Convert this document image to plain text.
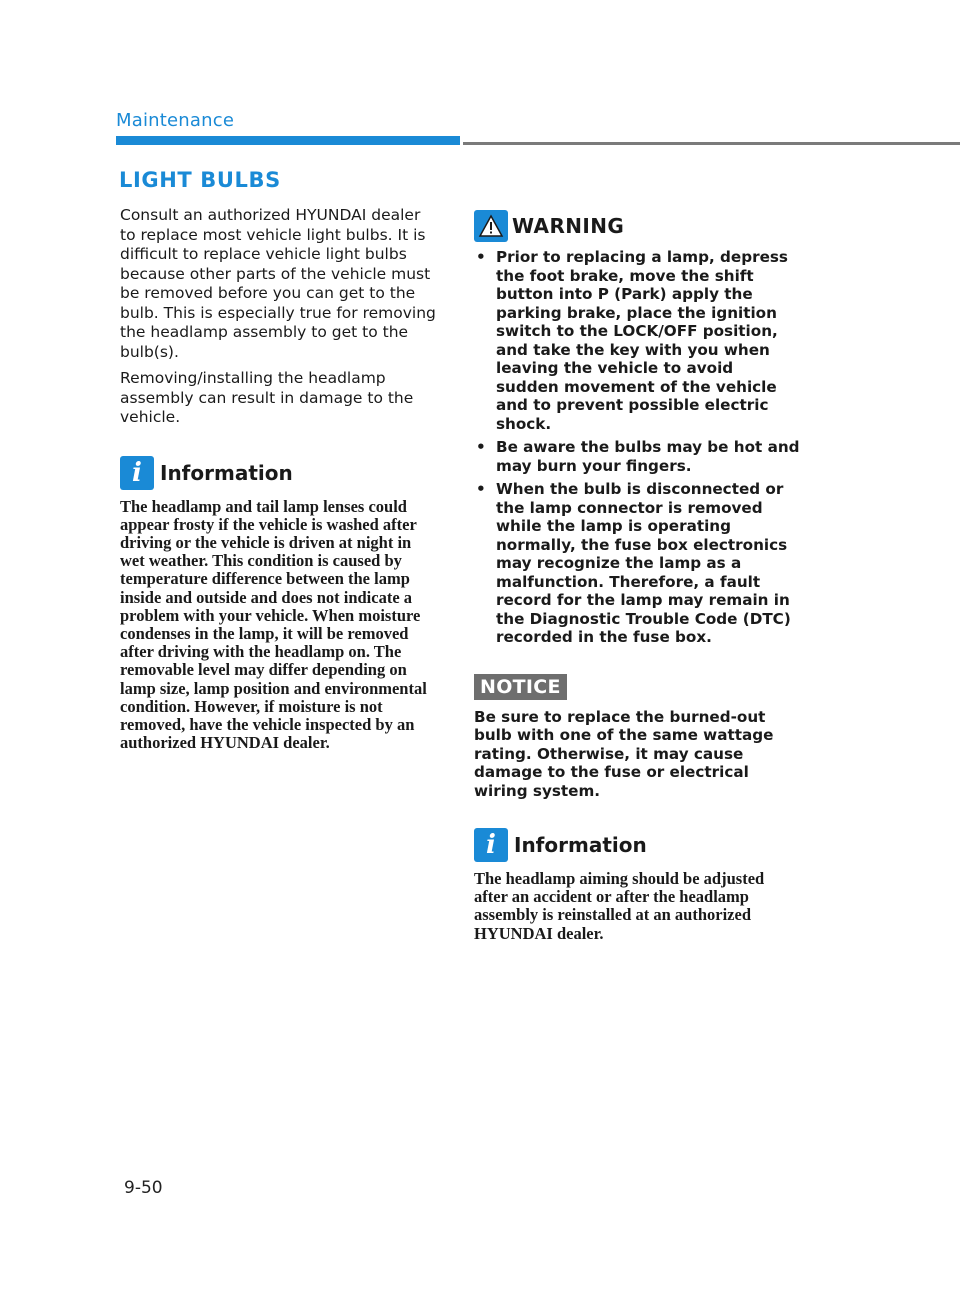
Maintenance
LIGHT BULBS

Consult an authorized HYUNDAI dealer to replace most vehicle light bulbs. It is difficult to replace vehicle light bulbs because other parts of the vehicle must be removed before you can get to the bulb. This is especially true for removing the headlamp assembly to get to the bulb(s).

Removing/installing the headlamp assembly can result in damage to the vehicle.

i Information

The headlamp and tail lamp lenses could appear frosty if the vehicle is washed after driving or the vehicle is driven at night in wet weather. This condition is caused by temperature difference between the lamp inside and outside and does not indicate a problem with your vehicle. When moisture condenses in the lamp, it will be removed after driving with the headlamp on. The removable level may differ depending on lamp size, lamp position and environmental condition. However, if moisture is not removed, have the vehicle inspected by an authorized HYUNDAI dealer.

WARNING
• Prior to replacing a lamp, depress the foot brake, move the shift button into P (Park) apply the parking brake, place the ignition switch to the LOCK/OFF position, and take the key with you when leaving the vehicle to avoid sudden movement of the vehicle and to prevent possible electric shock.
• Be aware the bulbs may be hot and may burn your fingers.
• When the bulb is disconnected or the lamp connector is removed while the lamp is operating normally, the fuse box electronics may recognize the lamp as a malfunction. Therefore, a fault record for the lamp may remain in the Diagnostic Trouble Code (DTC) recorded in the fuse box.
NOTICE

Be sure to replace the burned-out bulb with one of the same wattage rating. Otherwise, it may cause damage to the fuse or electrical wiring system.

i Information

The headlamp aiming should be adjusted after an accident or after the headlamp assembly is reinstalled at an authorized HYUNDAI dealer.

9-50
